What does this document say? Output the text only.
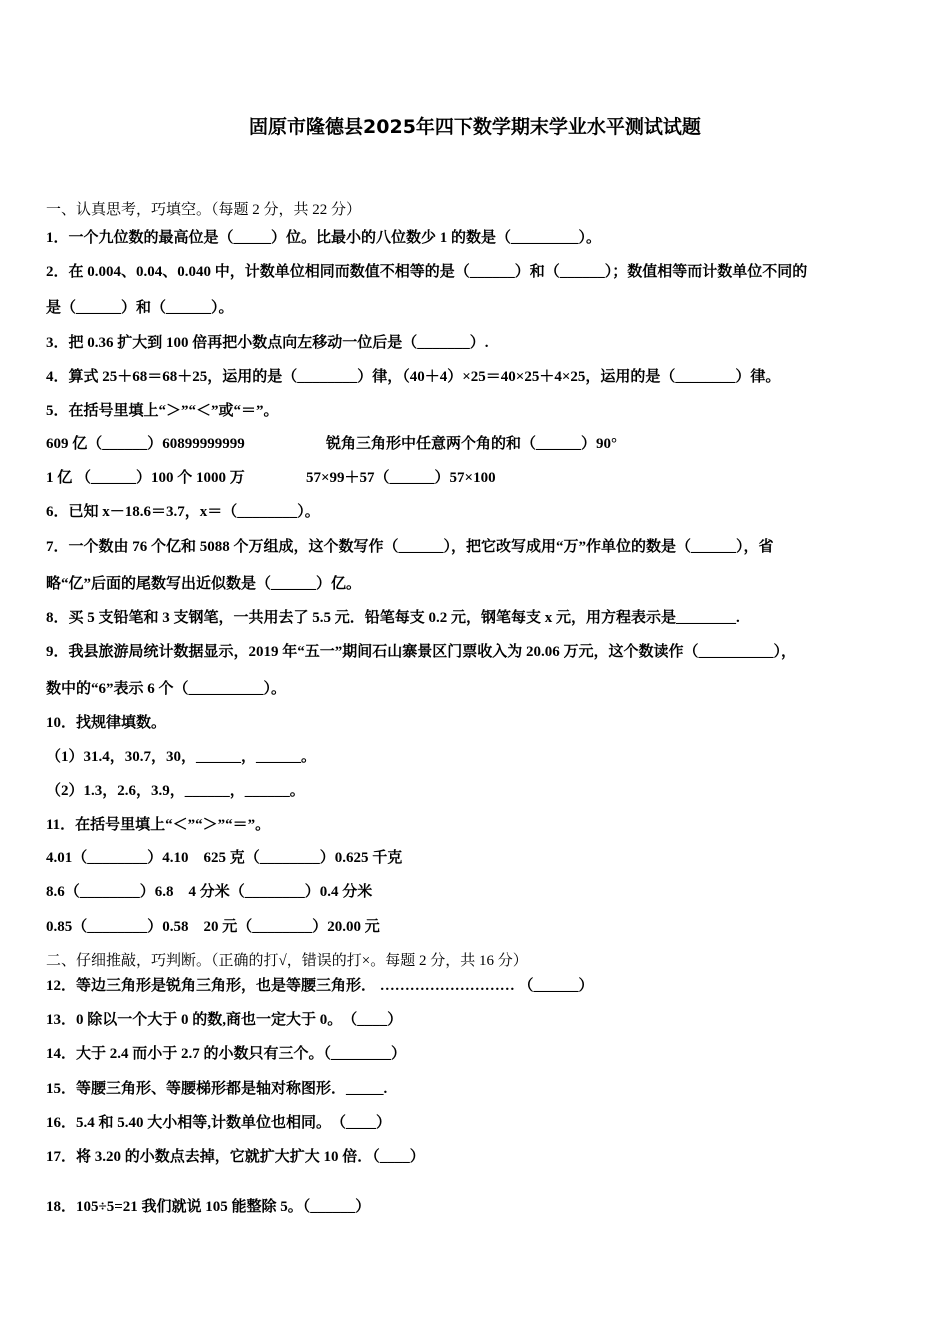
固原市隆德县2025年四下数学期末学业水平测试试题
一、认真思考，巧填空。（每题 2 分，共 22 分）
1．一个九位数的最高位是（_____）位。比最小的八位数少 1 的数是（_________）。
2．在 0.004、0.04、0.040 中，计数单位相同而数值不相等的是（______）和（______）；数值相等而计数单位不同的
是（______）和（______）。
3．把 0.36 扩大到 100 倍再把小数点向左移动一位后是（_______）.
4．算式 25＋68＝68＋25，运用的是（________）律，（40＋4）×25＝40×25＋4×25，运用的是（________）律。
5．在括号里填上“＞”“＜”或“＝”。
609 亿（______）60899999999	锐角三角形中任意两个角的和（______）90°
1 亿 （______）100 个 1000 万	57×99＋57（______）57×100
6．已知 x－18.6＝3.7，x＝（________）。
7．一个数由 76 个亿和 5088 个万组成，这个数写作（______），把它改写成用“万”作单位的数是（______），省
略“亿”后面的尾数写出近似数是（______）亿。
8．买 5 支铅笔和 3 支钢笔，一共用去了 5.5 元．铅笔每支 0.2 元，钢笔每支 x 元，用方程表示是________.
9．我县旅游局统计数据显示，2019 年“五一”期间石山寨景区门票收入为 20.06 万元，这个数读作（__________），
数中的“6”表示 6 个（__________）。
10．找规律填数。
（1）31.4，30.7，30，______，______。
（2）1.3，2.6，3.9，______，______。
11．在括号里填上“＜”“＞”“＝”。
4.01（________）4.10　625 克（________）0.625 千克
8.6（________）6.8　4 分米（________）0.4 分米
0.85（________）0.58　20 元（________）20.00 元
二、仔细推敲，巧判断。（正确的打√，错误的打×。每题 2 分，共 16 分）
12．等边三角形是锐角三角形，也是等腰三角形． ……………………… （______）
13．0 除以一个大于 0 的数,商也一定大于 0。　（____）
14．大于 2.4 而小于 2.7 的小数只有三个。（________）
15．等腰三角形、等腰梯形都是轴对称图形．_____.
16．5.4 和 5.40 大小相等,计数单位也相同。　（____）
17．将 3.20 的小数点去掉，它就扩大扩大 10 倍．（____）
18．105÷5=21 我们就说 105 能整除 5。（______）
